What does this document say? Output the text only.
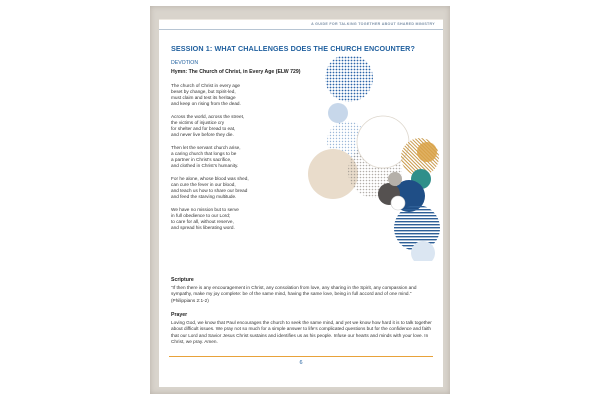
A GUIDE FOR TALKING TOGETHER ABOUT SHARED MINISTRY
SESSION 1: WHAT CHALLENGES DOES THE CHURCH ENCOUNTER?
DEVOTION
Hymn: The Church of Christ, in Every Age (ELW 729)
The church of Christ in every age
beset by change, but Spirit-led,
must claim and test its heritage
and keep on rising from the dead.
Across the world, across the street,
the victims of injustice cry
for shelter and for bread to eat,
and never live before they die.
Then let the servant church arise,
a caring church that longs to be
a partner in Christ’s sacrifice,
and clothed in Christ’s humanity.
For he alone, whose blood was shed,
can cure the fever in our blood,
and teach us how to share our bread
and feed the starving multitude.
We have no mission but to serve
in full obedience to our Lord;
to care for all, without reserve,
and spread his liberating word.
Scripture
“If then there is any encouragement in Christ, any consolation from love, any sharing in the Spirit, any compassion and sympathy, make my joy complete: be of the same mind, having the same love, being in full accord and of one mind.” (Philippians 2:1-2)
Prayer
Loving God, we know that Paul encourages the church to seek the same mind, and yet we know how hard it is to talk together about difficult issues. We pray not so much for a simple answer to life’s complicated questions but for the confidence and faith that our Lord and Savior Jesus Christ sustains and identifies us as his people. Infuse our hearts and minds with your love. In Christ, we pray. Amen.
6
